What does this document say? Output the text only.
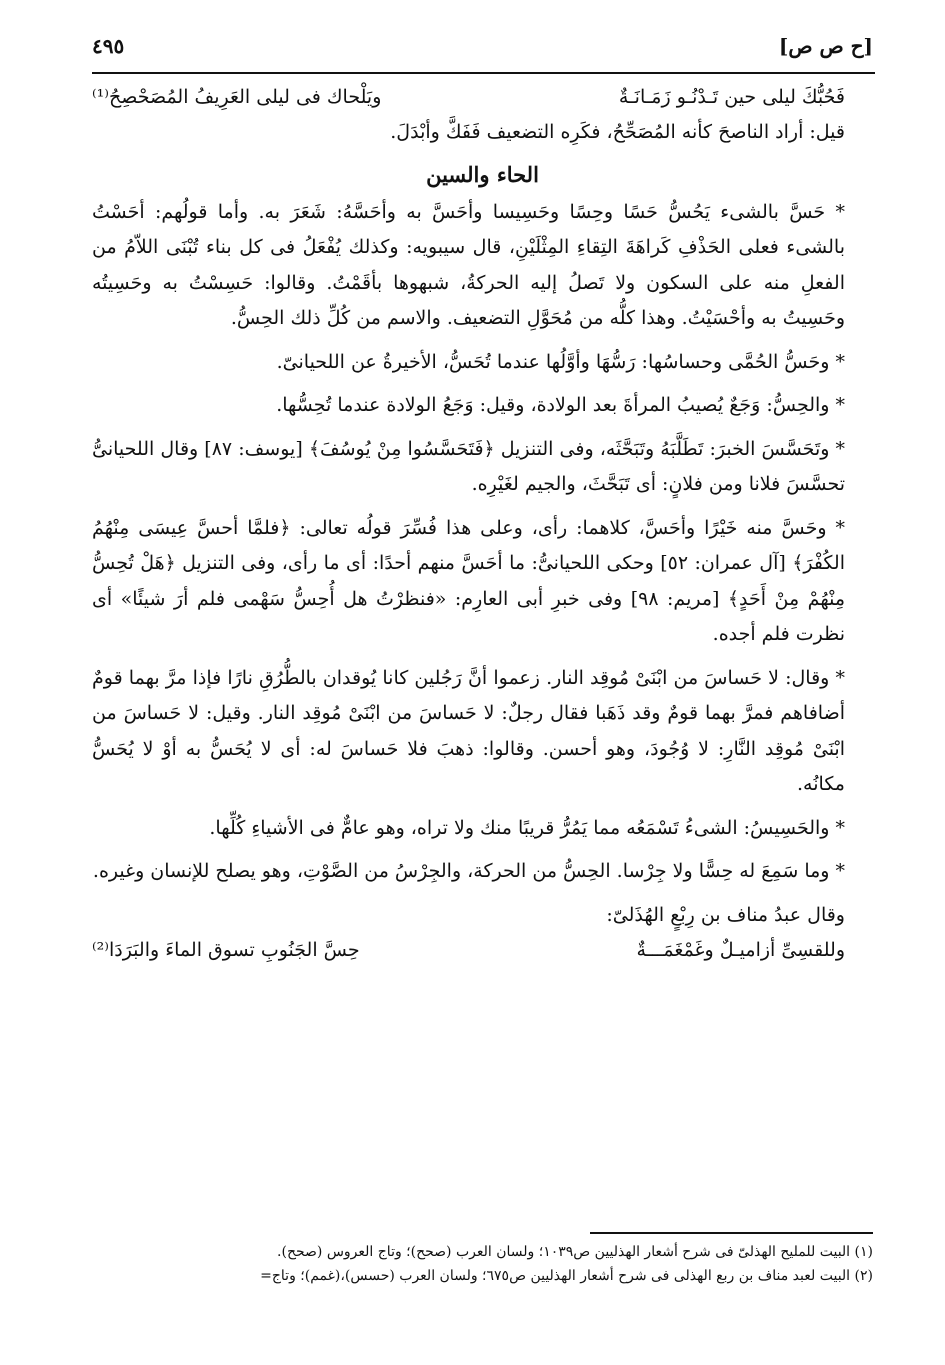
[ح ص ص]
٤٩٥
فَحُبُّكَ ليلى حين تَـدْنُـو زَمَـانَـةٌ
ويَلْحاك فى ليلى العَرِيفُ المُصَحْصِحُ⁽¹⁾

قيل: أراد الناصحَ كأنه المُصَحِّحُ، فكَرِه التضعيف فَفَكَّ وأبْدَلَ.

الحاء والسين

* حَسَّ بالشىء يَحُسُّ حَسًا وحِسًا وحَسِيسا وأحَسَّ به وأحَسَّهُ: شَعَرَ به. وأما قولُهم: أحَسْتُ بالشىء فعلى الحَذْفِ كَراهَةَ التِقاءِ المِثْلَيْنِ، قال سيبويه: وكذلك يُفْعَلُ فى كل بناء تُبْنَى اللاّمُ من الفعلِ منه على السكون ولا تَصلُ إليه الحركةُ، شبهوها بأقَمْتُ. وقالوا: حَسِسْتُ به وحَسِيتُه وحَسِيتُ به وأحْسَيْتُ. وهذا كلُّه من مُحَوَّلِ التضعيف. والاسم من كُلِّ ذلك الحِسُّ.

* وحَسُّ الحُمَّى وحساسُها: رَسُّهَا وأوَّلُها عندما تُحَسُّ، الأخيرةُ عن اللحيانىّ.

* والحِسُّ: وَجَعٌ يُصيبُ المرأةَ بعد الولادة، وقيل: وَجَعُ الولادة عندما تُحِسُّها.

* وتَحَسَّسَ الخبرَ: تَطَلَّبَهُ وتَبَحَّثَه، وفى التنزيل ﴿فَتَحَسَّسُوا مِنْ يُوسُفَ﴾ [يوسف: ٨٧] وقال اللحيانىُّ تحسَّسَ فلانا ومن فلانٍ: أى تَبَحَّثَ، والجيم لغَيْرِه.

* وحَسَّ منه خَيْرًا وأحَسَّ، كلاهما: رأى، وعلى هذا فُسِّرَ قولُه تعالى: ﴿فلمَّا أحسَّ عِيسَى مِنْهُمُ الكُفْرَ﴾ [آل عمران: ٥٢] وحكى اللحيانىُّ: ما أحَسَّ منهم أحدًا: أى ما رأى، وفى التنزيل ﴿هَلْ تُحِسُّ مِنْهُمْ مِنْ أَحَدٍ﴾ [مريم: ٩٨] وفى خبرِ أبى العارِم: «فنظرْتُ هل أُحِسُّ سَهْمى فلم أرَ شيئًا» أى نظرت فلم أجده.

* وقال: لا حَساسَ من ابْنَىْ مُوقِد النار. زعموا أنَّ رَجُلين كانا يُوقدان بالطُّرُقِ نارًا فإذا مرَّ بهما قومٌ أضافاهم فمرَّ بهما قومٌ وقد ذَهَبا فقال رجلٌ: لا حَساسَ من ابْنَىْ مُوقِد النار. وقيل: لا حَساسَ من ابْنَىْ مُوقِد النَّارِ: لا وُجُودَ، وهو أحسن. وقالوا: ذهبَ فلا حَساسَ له: أى لا يُحَسُّ به أوْ لا يُحَسُّ مكانُه.

* والحَسِيسُ: الشىءُ تَسْمَعُه مما يَمُرُّ قريبًا منك ولا تراه، وهو عامٌّ فى الأشياءِ كُلِّها.

* وما سَمِعَ له حِسًّا ولا جِرْسا. الحِسُّ من الحركة، والجِرْسُ من الصَّوْتِ، وهو يصلح للإنسان وغيره.

وقال عبدُ مناف بن رِبْعٍ الهُذَلىّ:

وللقسِىِّ أزاميـلٌ وغَمْغَمَـــةٌ
حِسَّ الجَنُوبِ تسوق الماءَ والبَرَدَا⁽²⁾

(١) البيت للمليح الهذلىّ فى شرح أشعار الهذليين ص١٠٣٩؛ ولسان العرب (صحح)؛ وتاج العروس (صحح).

(٢) البيت لعبد مناف بن ربع الهذلى فى شرح أشعار الهذليين ص٦٧٥؛ ولسان العرب (حسس)،(غمم)؛ وتاج=
